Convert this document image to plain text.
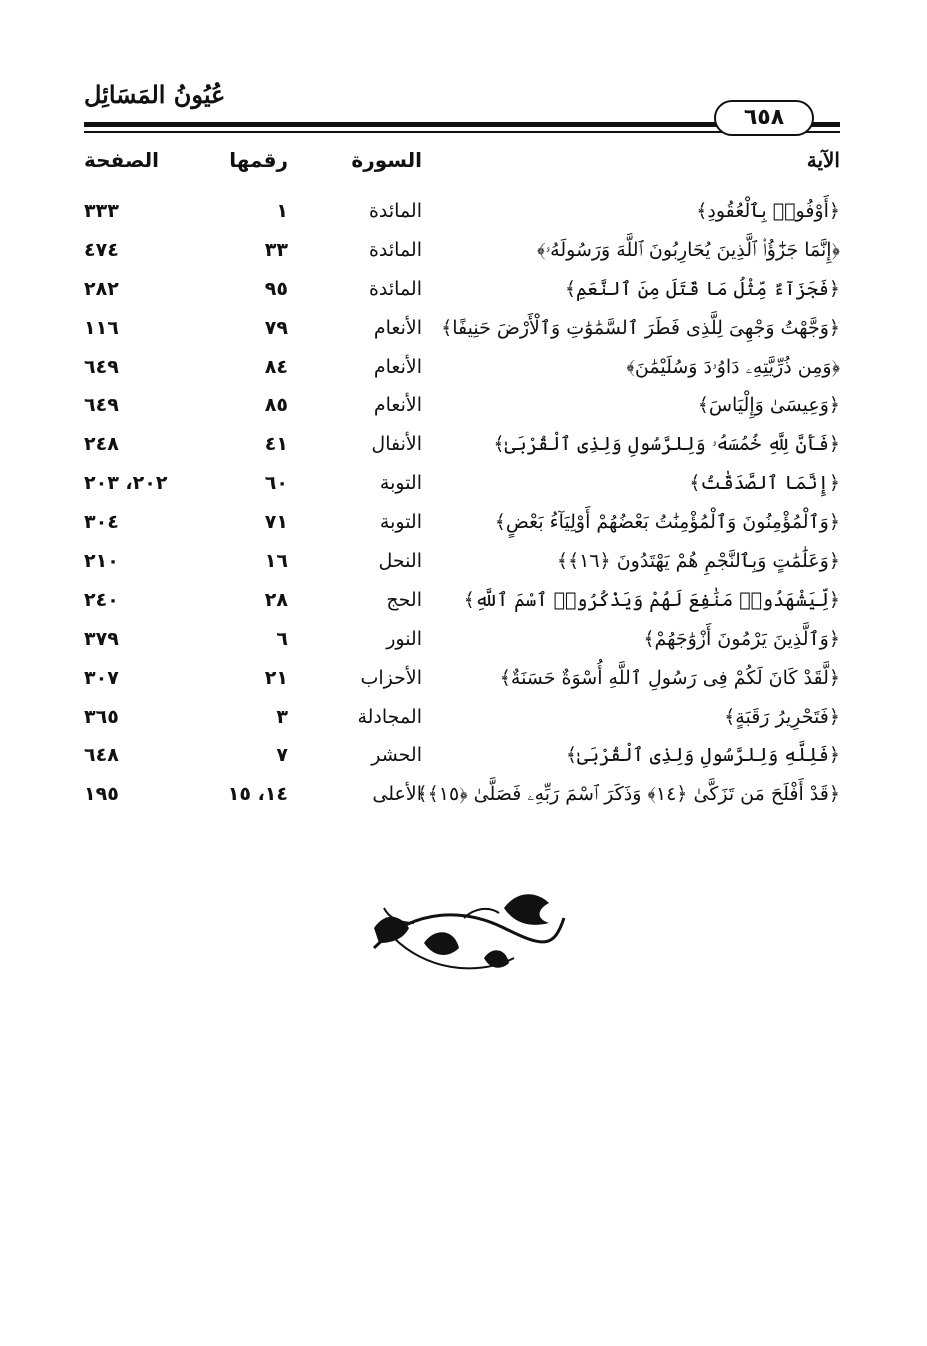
عُيُونُ المَسَائِل
٦٥٨
الآية
السورة
رقمها
الصفحة
﴿أَوْفُوا۟ بِٱلْعُقُودِ﴾
المائدة
١
٣٣٣
﴿إِنَّمَا جَزَٰٓؤُا۟ ٱلَّذِينَ يُحَارِبُونَ ٱللَّهَ وَرَسُولَهُۥ﴾
المائدة
٣٣
٤٧٤
﴿فَجَزَآءٌ مِّثْلُ مَا قَتَلَ مِنَ ٱلنَّعَمِ﴾
المائدة
٩٥
٢٨٢
﴿وَجَّهْتُ وَجْهِىَ لِلَّذِى فَطَرَ ٱلسَّمَٰوَٰتِ وَٱلْأَرْضَ حَنِيفًا﴾
الأنعام
٧٩
١١٦
﴿وَمِن ذُرِّيَّتِهِۦ دَاوُۥدَ وَسُلَيْمَٰنَ﴾
الأنعام
٨٤
٦٤٩
﴿وَعِيسَىٰ وَإِلْيَاسَ﴾
الأنعام
٨٥
٦٤٩
﴿فَأَنَّ لِلَّهِ خُمُسَهُۥ وَلِلرَّسُولِ وَلِذِى ٱلْقُرْبَىٰ﴾
الأنفال
٤١
٢٤٨
﴿إِنَّمَا ٱلصَّدَقَٰتُ﴾
التوبة
٦٠
٢٠٢، ٢٠٣
﴿وَٱلْمُؤْمِنُونَ وَٱلْمُؤْمِنَٰتُ بَعْضُهُمْ أَوْلِيَآءُ بَعْضٍ﴾
التوبة
٧١
٣٠٤
﴿وَعَلَٰمَٰتٍ وَبِٱلنَّجْمِ هُمْ يَهْتَدُونَ ﴿١٦﴾﴾
النحل
١٦
٢١٠
﴿لِّيَشْهَدُوا۟ مَنَٰفِعَ لَهُمْ وَيَذْكُرُوا۟ ٱسْمَ ٱللَّهِ﴾
الحج
٢٨
٢٤٠
﴿وَٱلَّذِينَ يَرْمُونَ أَزْوَٰجَهُمْ﴾
النور
٦
٣٧٩
﴿لَّقَدْ كَانَ لَكُمْ فِى رَسُولِ ٱللَّهِ أُسْوَةٌ حَسَنَةٌ﴾
الأحزاب
٢١
٣٠٧
﴿فَتَحْرِيرُ رَقَبَةٍ﴾
المجادلة
٣
٣٦٥
﴿فَلِلَّهِ وَلِلرَّسُولِ وَلِذِى ٱلْقُرْبَىٰ﴾
الحشر
٧
٦٤٨
﴿قَدْ أَفْلَحَ مَن تَزَكَّىٰ ﴿١٤﴾ وَذَكَرَ ٱسْمَ رَبِّهِۦ فَصَلَّىٰ ﴿١٥﴾﴾
الأعلى
١٤، ١٥
١٩٥
